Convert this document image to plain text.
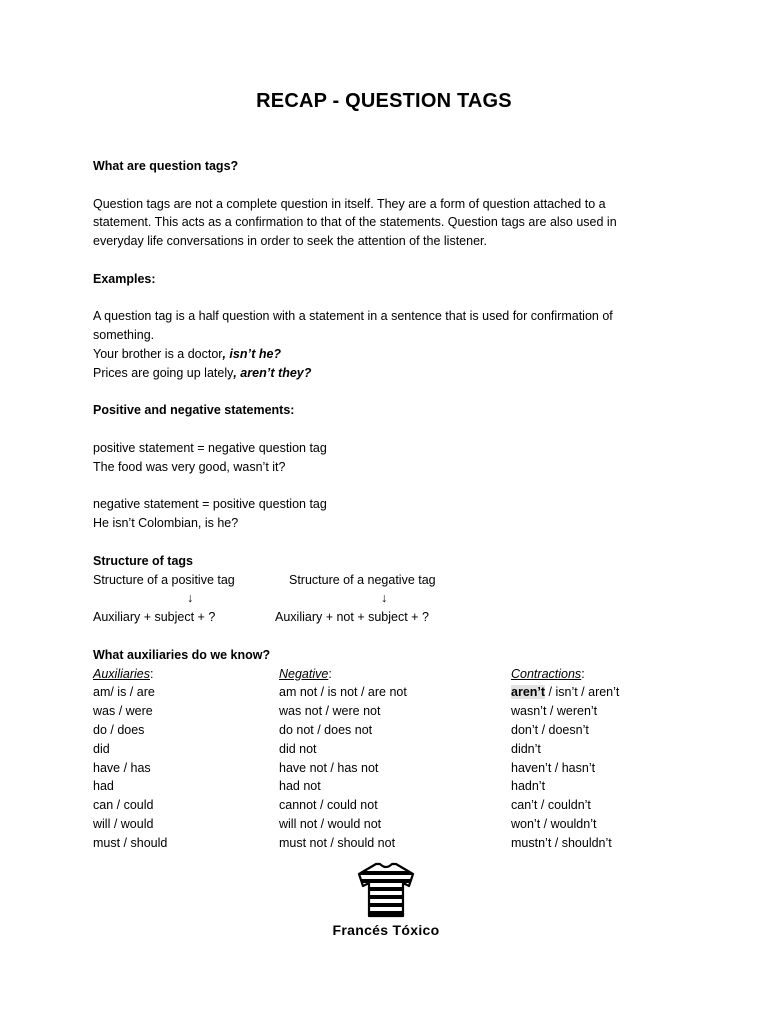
RECAP - QUESTION TAGS
What are question tags?
Question tags are not a complete question in itself. They are a form of question attached to a
statement. This acts as a confirmation to that of the statements. Question tags are also used in
everyday life conversations in order to seek the attention of the listener.
Examples:
A question tag is a half question with a statement in a sentence that is used for confirmation of
something.
Your brother is a doctor, isn’t he?
Prices are going up lately, aren’t they?
Positive and negative statements:
positive statement = negative question tag
The food was very good, wasn’t it?
negative statement = positive question tag
He isn’t Colombian, is he?
Structure of tags
Structure of a positive tag	Structure of a negative tag
↓	↓
Auxiliary + subject + ?	Auxiliary + not + subject + ?
What auxiliaries do we know?
Auxiliaries:	Negative:	Contractions:
am/ is / are	am not / is not / are not	aren’t / isn’t / aren’t
was / were	was not / were not	wasn’t / weren’t
do / does	do not / does not	don’t / doesn’t
did	did not	didn’t
have / has	have not / has not	haven’t / hasn’t
had	had not	hadn’t
can / could	cannot / could not	can’t / couldn’t
will / would	will not / would not	won’t / wouldn’t
must / should	must not / should not	mustn’t / shouldn’t
Francés Tóxico
